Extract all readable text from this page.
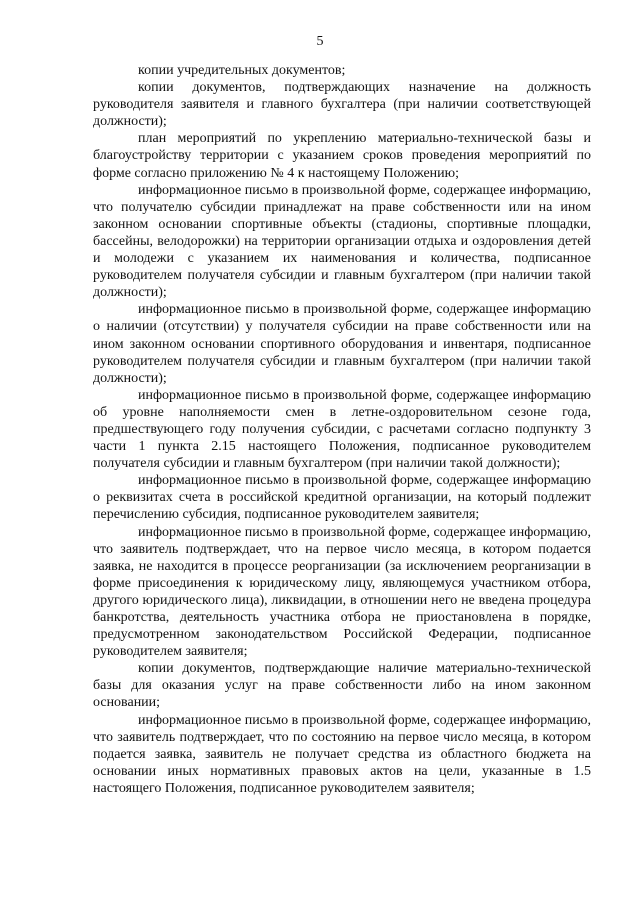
5

копии учредительных документов;

копии документов, подтверждающих назначение на должность руководителя заявителя и главного бухгалтера (при наличии соответствующей должности);

план мероприятий по укреплению материально-технической базы и благоустройству территории с указанием сроков проведения мероприятий по форме согласно приложению № 4 к настоящему Положению;

информационное письмо в произвольной форме, содержащее информацию, что получателю субсидии принадлежат на праве собственности или на ином законном основании спортивные объекты (стадионы, спортивные площадки, бассейны, велодорожки) на территории организации отдыха и оздоровления детей и молодежи с указанием их наименования и количества, подписанное руководителем получателя субсидии и главным бухгалтером (при наличии такой должности);

информационное письмо в произвольной форме, содержащее информацию о наличии (отсутствии) у получателя субсидии на праве собственности или на ином законном основании спортивного оборудования и инвентаря, подписанное руководителем получателя субсидии и главным бухгалтером (при наличии такой должности);

информационное письмо в произвольной форме, содержащее информацию об уровне наполняемости смен в летне-оздоровительном сезоне года, предшествующего году получения субсидии, с расчетами согласно подпункту 3 части 1 пункта 2.15 настоящего Положения, подписанное руководителем получателя субсидии и главным бухгалтером (при наличии такой должности);

информационное письмо в произвольной форме, содержащее информацию о реквизитах счета в российской кредитной организации, на который подлежит перечислению субсидия, подписанное руководителем заявителя;

информационное письмо в произвольной форме, содержащее информацию, что заявитель подтверждает, что на первое число месяца, в котором подается заявка, не находится в процессе реорганизации (за исключением реорганизации в форме присоединения к юридическому лицу, являющемуся участником отбора, другого юридического лица), ликвидации, в отношении него не введена процедура банкротства, деятельность участника отбора не приостановлена в порядке, предусмотренном законодательством Российской Федерации, подписанное руководителем заявителя;

копии документов, подтверждающие наличие материально-технической базы для оказания услуг на праве собственности либо на ином законном основании;

информационное письмо в произвольной форме, содержащее информацию, что заявитель подтверждает, что по состоянию на первое число месяца, в котором подается заявка, заявитель не получает средства из областного бюджета на основании иных нормативных правовых актов на цели, указанные в 1.5 настоящего Положения, подписанное руководителем заявителя;
